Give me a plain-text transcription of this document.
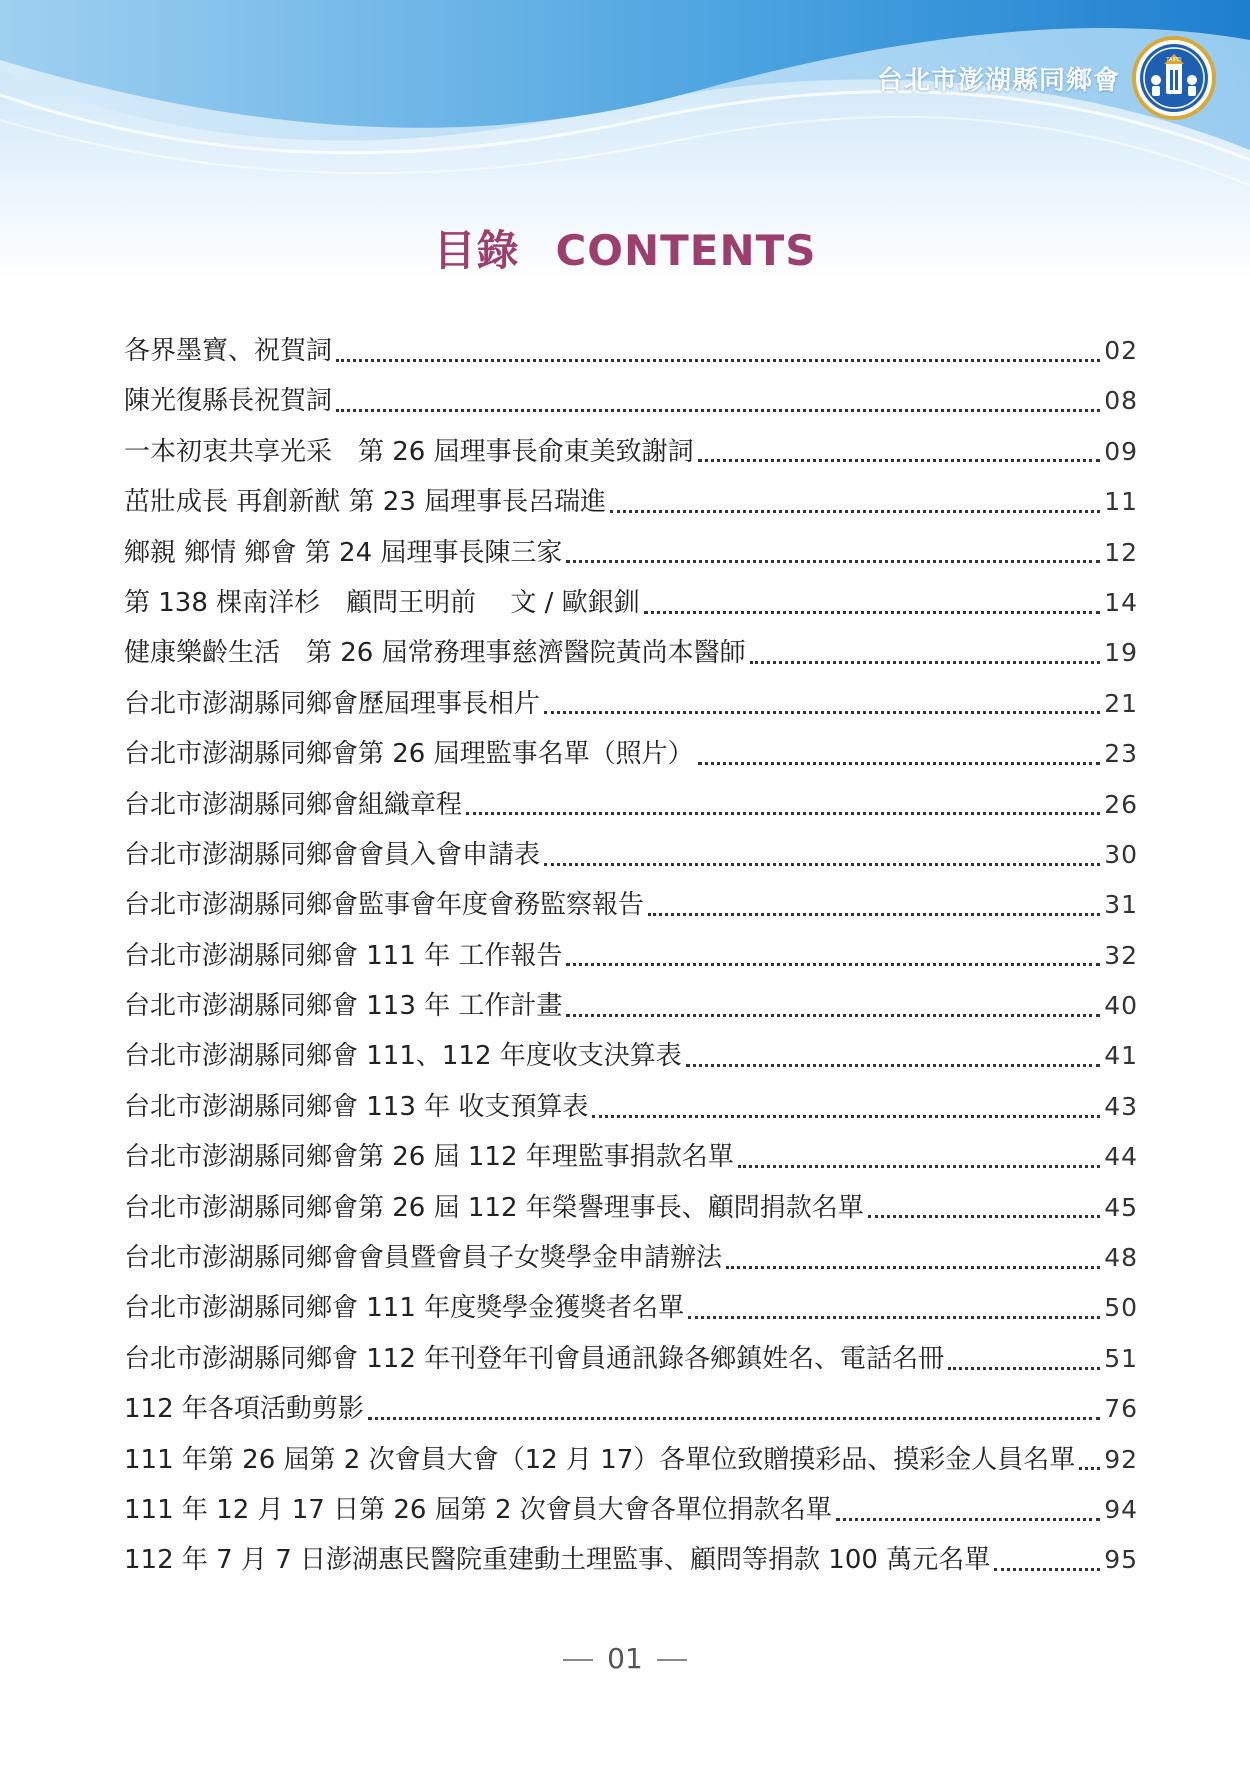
台北市澎湖縣同鄉會
TAIPEI
目錄 CONTENTS
各界墨寶、祝賀詞	02
陳光復縣長祝賀詞	08
一本初衷共享光采　第 26 屆理事長俞東美致謝詞	09
茁壯成長 再創新猷 第 23 屆理事長呂瑞進	11
鄉親 鄉情 鄉會 第 24 屆理事長陳三家	12
第 138 棵南洋杉　顧問王明前　 文 / 歐銀釧	14
健康樂齡生活　第 26 屆常務理事慈濟醫院黃尚本醫師	19
台北市澎湖縣同鄉會歷屆理事長相片	21
台北市澎湖縣同鄉會第 26 屆理監事名單（照片）	23
台北市澎湖縣同鄉會組織章程	26
台北市澎湖縣同鄉會會員入會申請表	30
台北市澎湖縣同鄉會監事會年度會務監察報告	31
台北市澎湖縣同鄉會 111 年 工作報告	32
台北市澎湖縣同鄉會 113 年 工作計畫	40
台北市澎湖縣同鄉會 111、112 年度收支決算表	41
台北市澎湖縣同鄉會 113 年 收支預算表	43
台北市澎湖縣同鄉會第 26 屆 112 年理監事捐款名單	44
台北市澎湖縣同鄉會第 26 屆 112 年榮譽理事長、顧問捐款名單	45
台北市澎湖縣同鄉會會員暨會員子女獎學金申請辦法	48
台北市澎湖縣同鄉會 111 年度獎學金獲獎者名單	50
台北市澎湖縣同鄉會 112 年刊登年刊會員通訊錄各鄉鎮姓名、電話名冊	51
112 年各項活動剪影	76
111 年第 26 屆第 2 次會員大會（12 月 17）各單位致贈摸彩品、摸彩金人員名單 92
111 年 12 月 17 日第 26 屆第 2 次會員大會各單位捐款名單	94
112 年 7 月 7 日澎湖惠民醫院重建動土理監事、顧問等捐款 100 萬元名單	95
01
